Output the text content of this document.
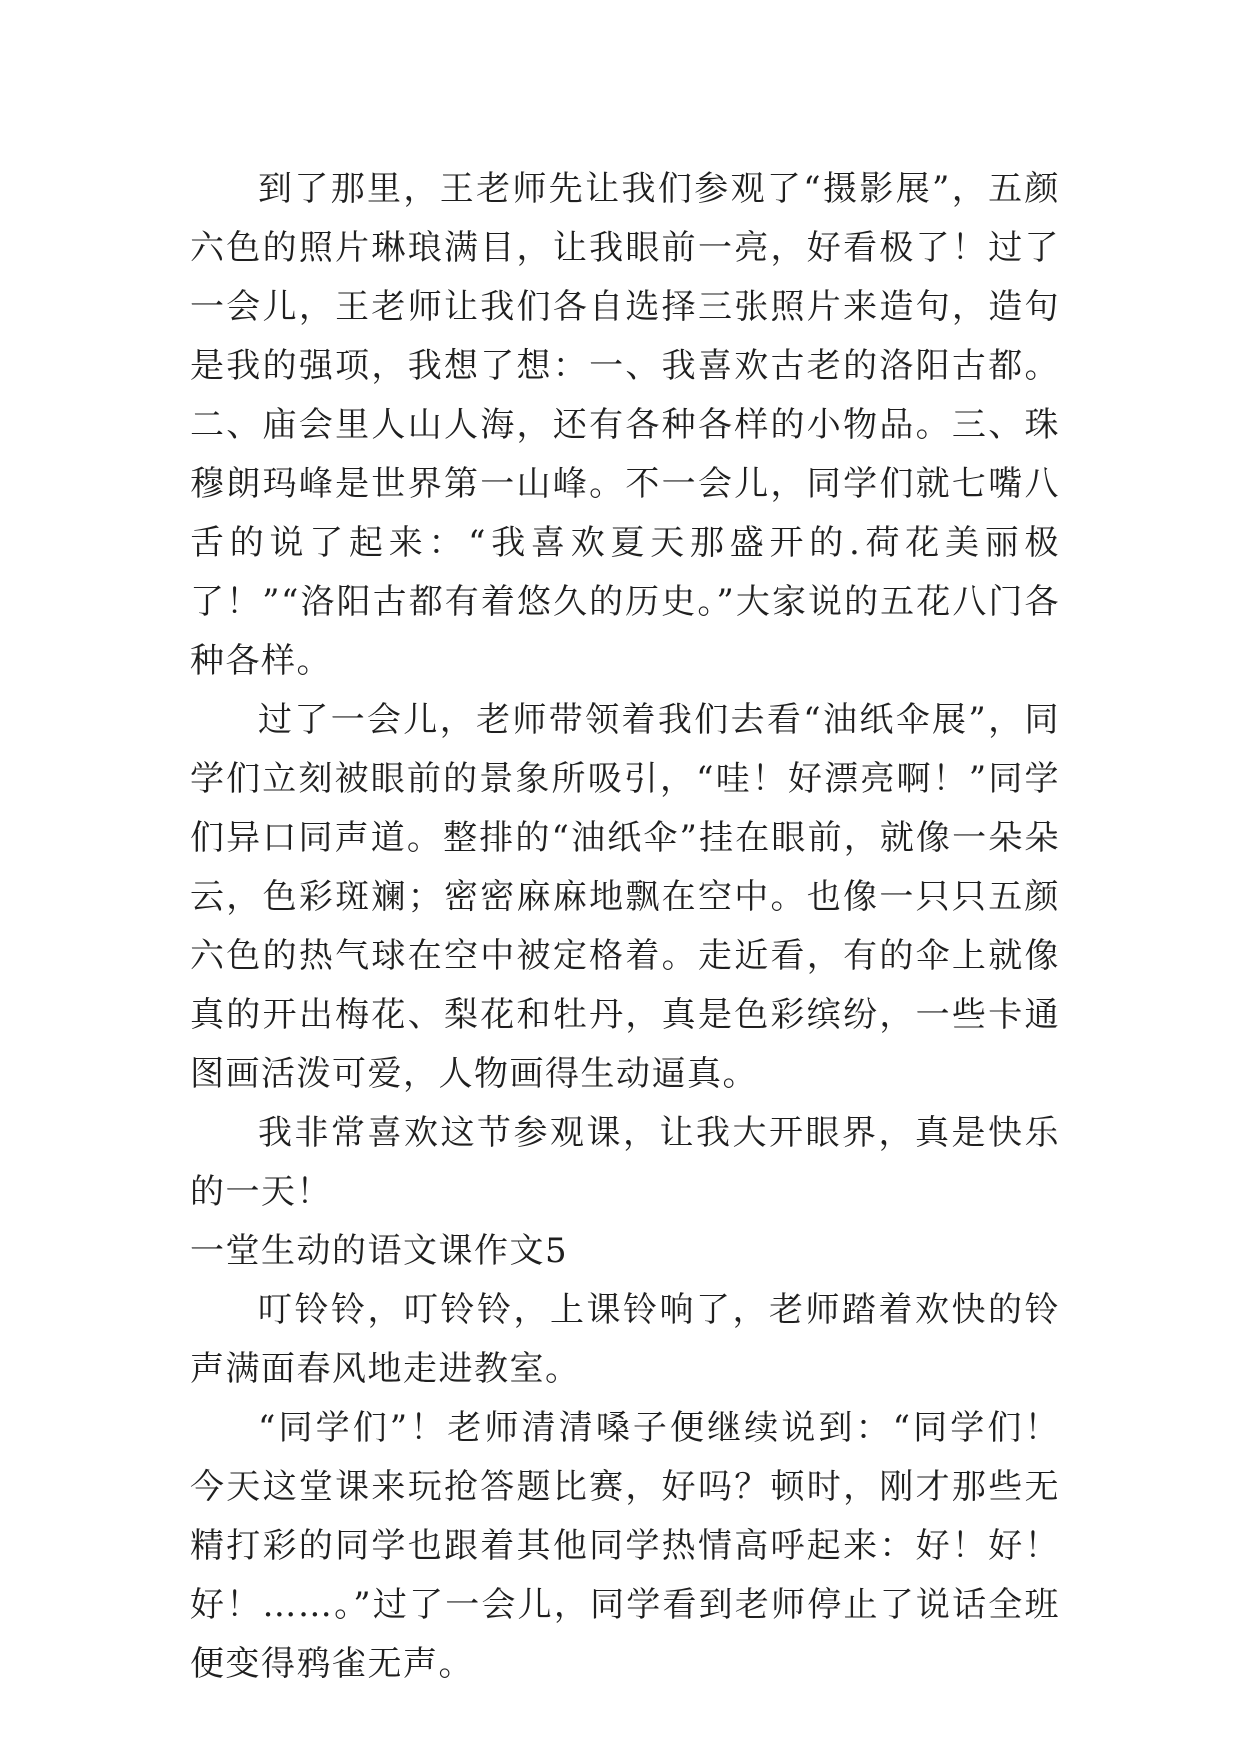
到了那里，王老师先让我们参观了“摄影展”，五颜六色的照片琳琅满目，让我眼前一亮，好看极了！过了一会儿，王老师让我们各自选择三张照片来造句，造句是我的强项，我想了想：一、我喜欢古老的洛阳古都。二、庙会里人山人海，还有各种各样的小物品。三、珠穆朗玛峰是世界第一山峰。不一会儿，同学们就七嘴八舌的说了起来：“我喜欢夏天那盛开的.荷花美丽极了！”“洛阳古都有着悠久的历史。”大家说的五花八门各种各样。

过了一会儿，老师带领着我们去看“油纸伞展”，同学们立刻被眼前的景象所吸引，“哇！好漂亮啊！”同学们异口同声道。整排的“油纸伞”挂在眼前，就像一朵朵云，色彩斑斓；密密麻麻地飘在空中。也像一只只五颜六色的热气球在空中被定格着。走近看，有的伞上就像真的开出梅花、梨花和牡丹，真是色彩缤纷，一些卡通图画活泼可爱，人物画得生动逼真。

我非常喜欢这节参观课，让我大开眼界，真是快乐的一天！

一堂生动的语文课作文5

叮铃铃，叮铃铃，上课铃响了，老师踏着欢快的铃声满面春风地走进教室。

“同学们”！老师清清嗓子便继续说到：“同学们！今天这堂课来玩抢答题比赛，好吗？顿时，刚才那些无精打彩的同学也跟着其他同学热情高呼起来：好！好！好！……。”过了一会儿，同学看到老师停止了说话全班便变得鸦雀无声。
